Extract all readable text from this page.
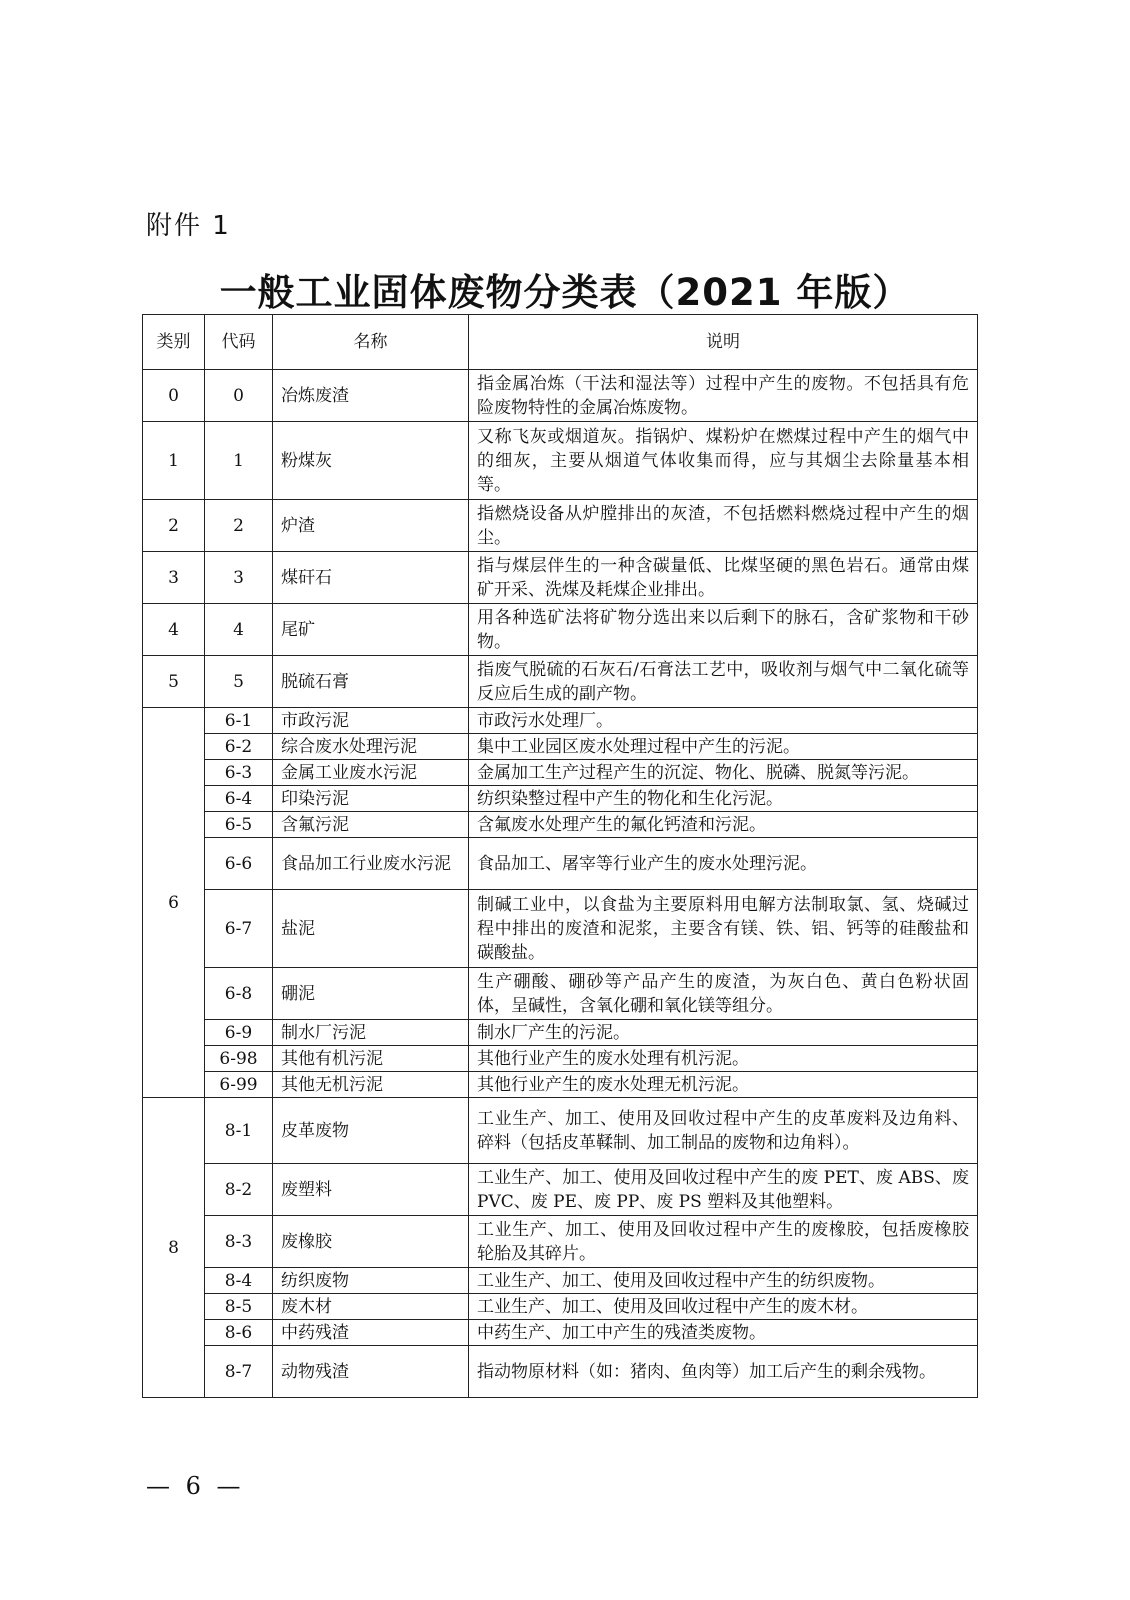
附件 1
一般工业固体废物分类表（2021 年版）
类别	代码	名称	说明
0	0	冶炼废渣	指金属冶炼（干法和湿法等）过程中产生的废物。不包括具有危险废物特性的金属冶炼废物。
1	1	粉煤灰	又称飞灰或烟道灰。指锅炉、煤粉炉在燃煤过程中产生的烟气中的细灰，主要从烟道气体收集而得，应与其烟尘去除量基本相等。
2	2	炉渣	指燃烧设备从炉膛排出的灰渣，不包括燃料燃烧过程中产生的烟尘。
3	3	煤矸石	指与煤层伴生的一种含碳量低、比煤坚硬的黑色岩石。通常由煤矿开采、洗煤及耗煤企业排出。
4	4	尾矿	用各种选矿法将矿物分选出来以后剩下的脉石，含矿浆物和干砂物。
5	5	脱硫石膏	指废气脱硫的石灰石/石膏法工艺中，吸收剂与烟气中二氧化硫等反应后生成的副产物。
6	6-1	市政污泥	市政污水处理厂。
	6-2	综合废水处理污泥	集中工业园区废水处理过程中产生的污泥。
	6-3	金属工业废水污泥	金属加工生产过程产生的沉淀、物化、脱磷、脱氮等污泥。
	6-4	印染污泥	纺织染整过程中产生的物化和生化污泥。
	6-5	含氟污泥	含氟废水处理产生的氟化钙渣和污泥。
	6-6	食品加工行业废水污泥	食品加工、屠宰等行业产生的废水处理污泥。
	6-7	盐泥	制碱工业中，以食盐为主要原料用电解方法制取氯、氢、烧碱过程中排出的废渣和泥浆，主要含有镁、铁、铝、钙等的硅酸盐和碳酸盐。
	6-8	硼泥	生产硼酸、硼砂等产品产生的废渣，为灰白色、黄白色粉状固体，呈碱性，含氧化硼和氧化镁等组分。
	6-9	制水厂污泥	制水厂产生的污泥。
	6-98	其他有机污泥	其他行业产生的废水处理有机污泥。
	6-99	其他无机污泥	其他行业产生的废水处理无机污泥。
8	8-1	皮革废物	工业生产、加工、使用及回收过程中产生的皮革废料及边角料、碎料（包括皮革鞣制、加工制品的废物和边角料）。
	8-2	废塑料	工业生产、加工、使用及回收过程中产生的废 PET、废 ABS、废 PVC、废 PE、废 PP、废 PS 塑料及其他塑料。
	8-3	废橡胶	工业生产、加工、使用及回收过程中产生的废橡胶，包括废橡胶轮胎及其碎片。
	8-4	纺织废物	工业生产、加工、使用及回收过程中产生的纺织废物。
	8-5	废木材	工业生产、加工、使用及回收过程中产生的废木材。
	8-6	中药残渣	中药生产、加工中产生的残渣类废物。
	8-7	动物残渣	指动物原材料（如：猪肉、鱼肉等）加工后产生的剩余残物。
— 6 —
